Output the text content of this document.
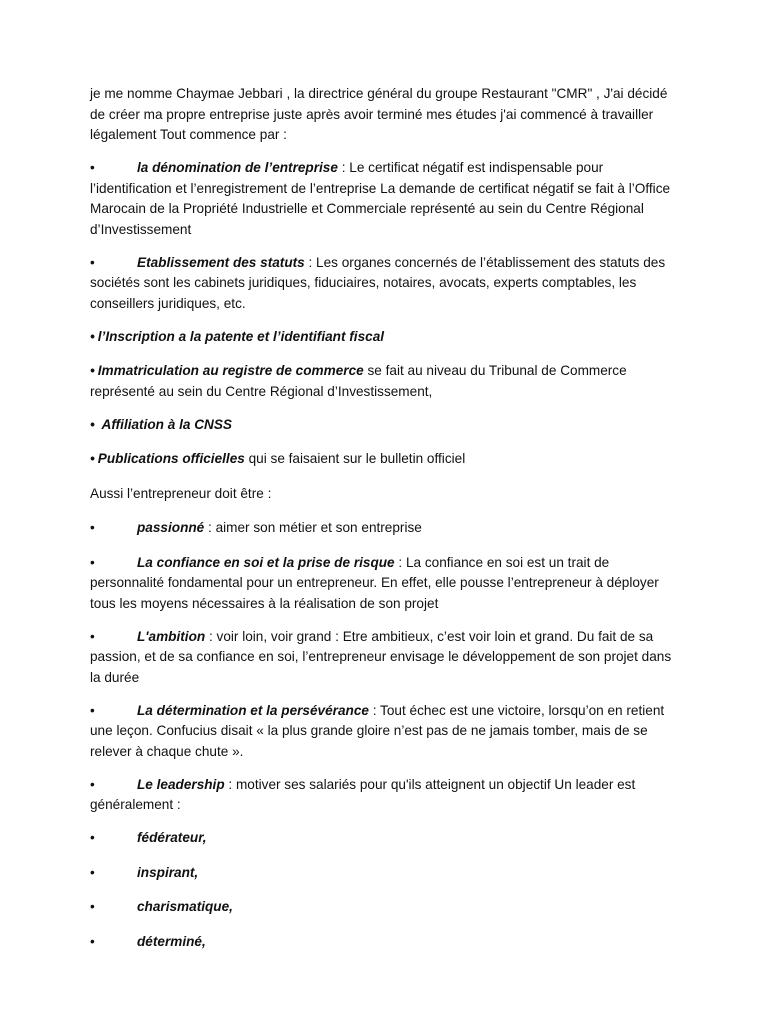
je me nomme Chaymae Jebbari , la directrice général du groupe Restaurant "CMR" , J'ai décidé de créer ma propre entreprise juste après avoir terminé mes études j'ai commencé à travailler légalement Tout commence par :

•	la dénomination de l’entreprise : Le certificat négatif est indispensable pour l’identification et l’enregistrement de l’entreprise La demande de certificat négatif se fait à l’Office Marocain de la Propriété Industrielle et Commerciale représenté au sein du Centre Régional d’Investissement

•	Etablissement des statuts : Les organes concernés de l’établissement des statuts des sociétés sont les cabinets juridiques, fiduciaires, notaires, avocats, experts comptables, les conseillers juridiques, etc.

• l’Inscription a la patente et l’identifiant fiscal

• Immatriculation au registre de commerce se fait au niveau du Tribunal de Commerce représenté au sein du Centre Régional d’Investissement,

• Affiliation à la CNSS

• Publications officielles qui se faisaient sur le bulletin officiel

Aussi l’entrepreneur doit être :

•	passionné : aimer son métier et son entreprise

•	La confiance en soi et la prise de risque : La confiance en soi est un trait de personnalité fondamental pour un entrepreneur. En effet, elle pousse l’entrepreneur à déployer tous les moyens nécessaires à la réalisation de son projet

•	L'ambition : voir loin, voir grand : Etre ambitieux, c’est voir loin et grand. Du fait de sa passion, et de sa confiance en soi, l’entrepreneur envisage le développement de son projet dans la durée

•	La détermination et la persévérance : Tout échec est une victoire, lorsqu’on en retient une leçon. Confucius disait « la plus grande gloire n’est pas de ne jamais tomber, mais de se relever à chaque chute ».

•	Le leadership : motiver ses salariés pour qu'ils atteignent un objectif Un leader est généralement :

•	fédérateur,

•	inspirant,

•	charismatique,

•	déterminé,
